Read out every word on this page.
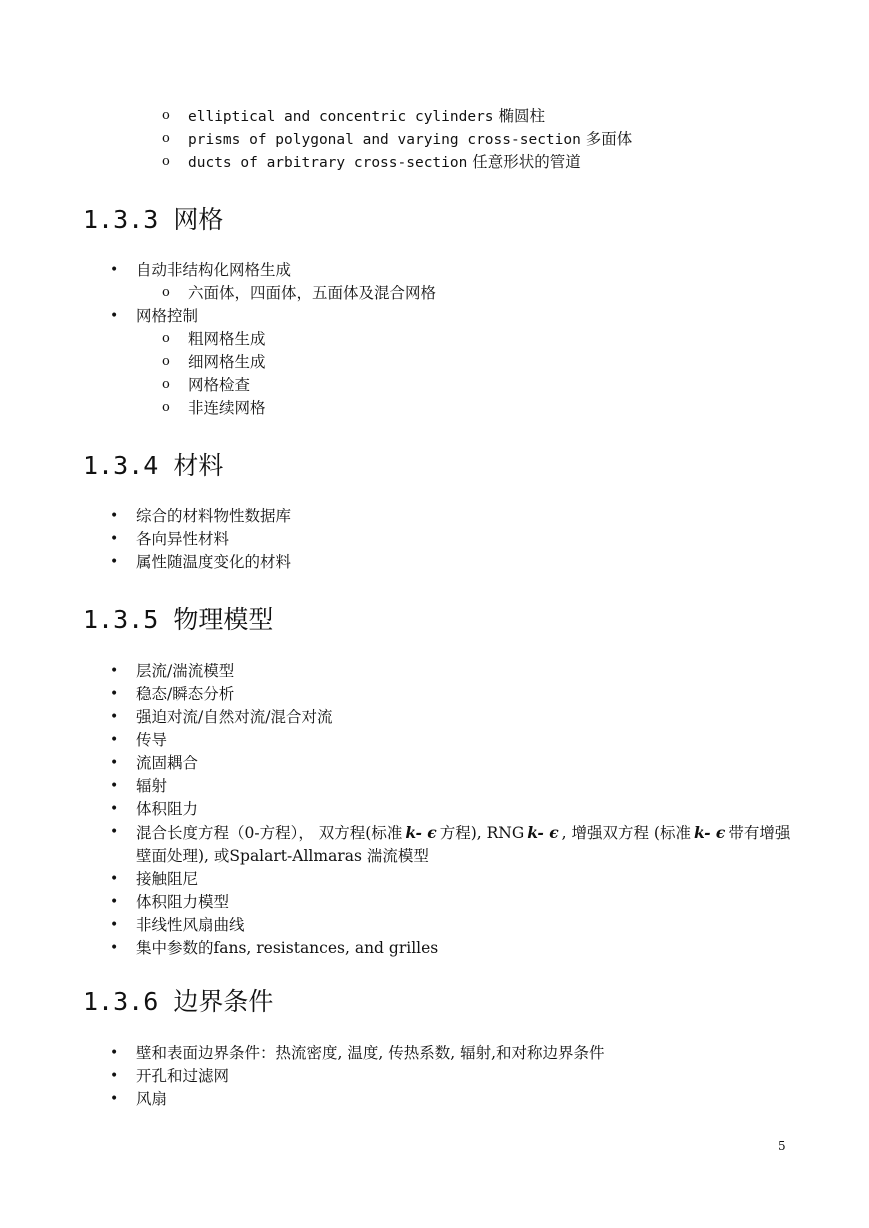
o elliptical and concentric cylinders 椭圆柱
o prisms of polygonal and varying cross-section 多面体
o ducts of arbitrary cross-section 任意形状的管道
1.3.3 网格
• 自动非结构化网格生成
o 六面体，四面体，五面体及混合网格
• 网格控制
o 粗网格生成
o 细网格生成
o 网格检查
o 非连续网格
1.3.4 材料
• 综合的材料物性数据库
• 各向异性材料
• 属性随温度变化的材料
1.3.5 物理模型
• 层流/湍流模型
• 稳态/瞬态分析
• 强迫对流/自然对流/混合对流
• 传导
• 流固耦合
• 辐射
• 体积阻力
• 混合长度方程（0-方程）， 双方程(标准 k- ϵ 方程), RNG k- ϵ , 增强双方程 (标准 k- ϵ 带有增强壁面处理), 或Spalart-Allmaras 湍流模型
• 接触阻尼
• 体积阻力模型
• 非线性风扇曲线
• 集中参数的fans, resistances, and grilles
1.3.6 边界条件
• 壁和表面边界条件：热流密度, 温度, 传热系数, 辐射,和对称边界条件
• 开孔和过滤网
• 风扇
5
